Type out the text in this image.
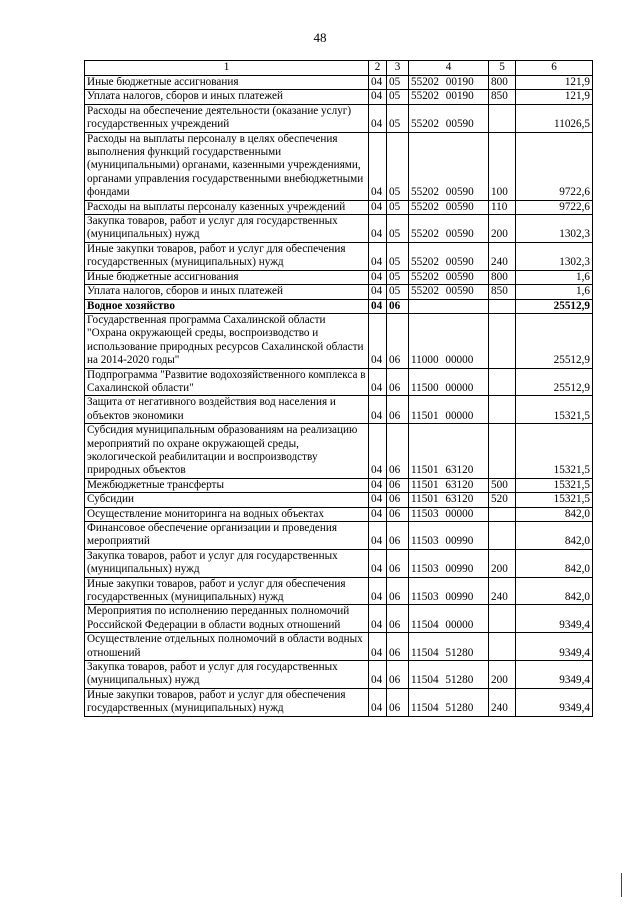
48
1	2	3	4	5	6
Иные бюджетные ассигнования	04	05	55202 00190	800	121,9
Уплата налогов, сборов и иных платежей	04	05	55202 00190	850	121,9
Расходы на обеспечение деятельности (оказание услуг) государственных учреждений	04	05	55202 00590		11026,5
Расходы на выплаты персоналу в целях обеспечения выполнения функций государственными (муниципальными) органами, казенными учреждениями, органами управления государственными внебюджетными фондами	04	05	55202 00590	100	9722,6
Расходы на выплаты персоналу казенных учреждений	04	05	55202 00590	110	9722,6
Закупка товаров, работ и услуг для государственных (муниципальных) нужд	04	05	55202 00590	200	1302,3
Иные закупки товаров, работ и услуг для обеспечения государственных (муниципальных) нужд	04	05	55202 00590	240	1302,3
Иные бюджетные ассигнования	04	05	55202 00590	800	1,6
Уплата налогов, сборов и иных платежей	04	05	55202 00590	850	1,6
Водное хозяйство	04	06			25512,9
Государственная программа Сахалинской области "Охрана окружающей среды, воспроизводство и использование природных ресурсов Сахалинской области на 2014-2020 годы"	04	06	11000 00000		25512,9
Подпрограмма "Развитие водохозяйственного комплекса в Сахалинской области"	04	06	11500 00000		25512,9
Защита от негативного воздействия вод населения и объектов экономики	04	06	11501 00000		15321,5
Субсидия муниципальным образованиям на реализацию мероприятий по охране окружающей среды, экологической реабилитации и воспроизводству природных объектов	04	06	11501 63120		15321,5
Межбюджетные трансферты	04	06	11501 63120	500	15321,5
Субсидии	04	06	11501 63120	520	15321,5
Осуществление мониторинга на водных объектах	04	06	11503 00000		842,0
Финансовое обеспечение организации и проведения мероприятий	04	06	11503 00990		842,0
Закупка товаров, работ и услуг для государственных (муниципальных) нужд	04	06	11503 00990	200	842,0
Иные закупки товаров, работ и услуг для обеспечения государственных (муниципальных) нужд	04	06	11503 00990	240	842,0
Мероприятия по исполнению переданных полномочий Российской Федерации в области водных отношений	04	06	11504 00000		9349,4
Осуществление отдельных полномочий в области водных отношений	04	06	11504 51280		9349,4
Закупка товаров, работ и услуг для государственных (муниципальных) нужд	04	06	11504 51280	200	9349,4
Иные закупки товаров, работ и услуг для обеспечения государственных (муниципальных) нужд	04	06	11504 51280	240	9349,4
